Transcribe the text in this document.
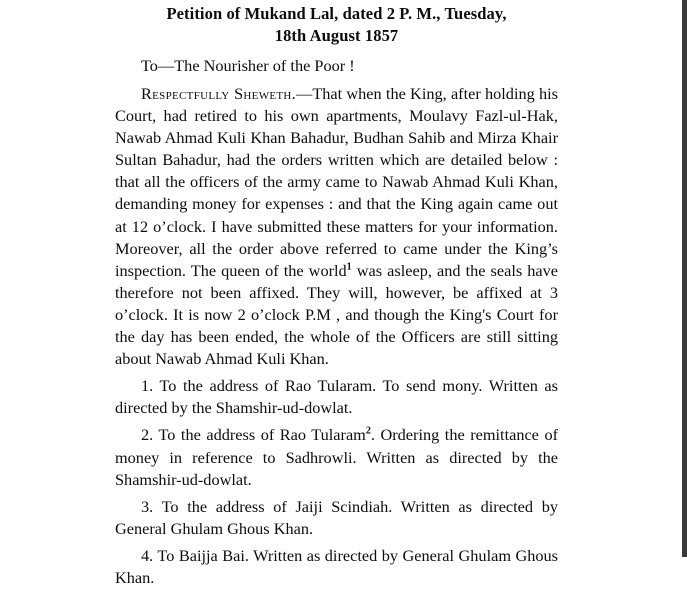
Petition of Mukand Lal, dated 2 P. M., Tuesday,
18th August 1857

To—The Nourisher of the Poor !

Respectfully Sheweth.—That when the King, after holding his Court, had retired to his own apartments, Moulavy Fazl-ul-Hak, Nawab Ahmad Kuli Khan Bahadur, Budhan Sahib and Mirza Khair Sultan Bahadur, had the orders written which are detailed below : that all the officers of the army came to Nawab Ahmad Kuli Khan, demanding money for expenses : and that the King again came out at 12 o’clock. I have submitted these matters for your information. Moreover, all the order above referred to came under the King’s inspection. The queen of the world$^1$ was asleep, and the seals have therefore not been affixed. They will, however, be affixed at 3 o’clock. It is now 2 o’clock P.M , and though the King's Court for the day has been ended, the whole of the Officers are still sitting about Nawab Ahmad Kuli Khan.

1. To the address of Rao Tularam. To send mony. Written as directed by the Shamshir-ud-dowlat.

2. To the address of Rao Tularam$^2$. Ordering the remittance of money in reference to Sadhrowli. Written as directed by the Shamshir-ud-dowlat.

3. To the address of Jaiji Scindiah. Written as directed by General Ghulam Ghous Khan.

4. To Baijja Bai. Written as directed by General Ghulam Ghous Khan.
